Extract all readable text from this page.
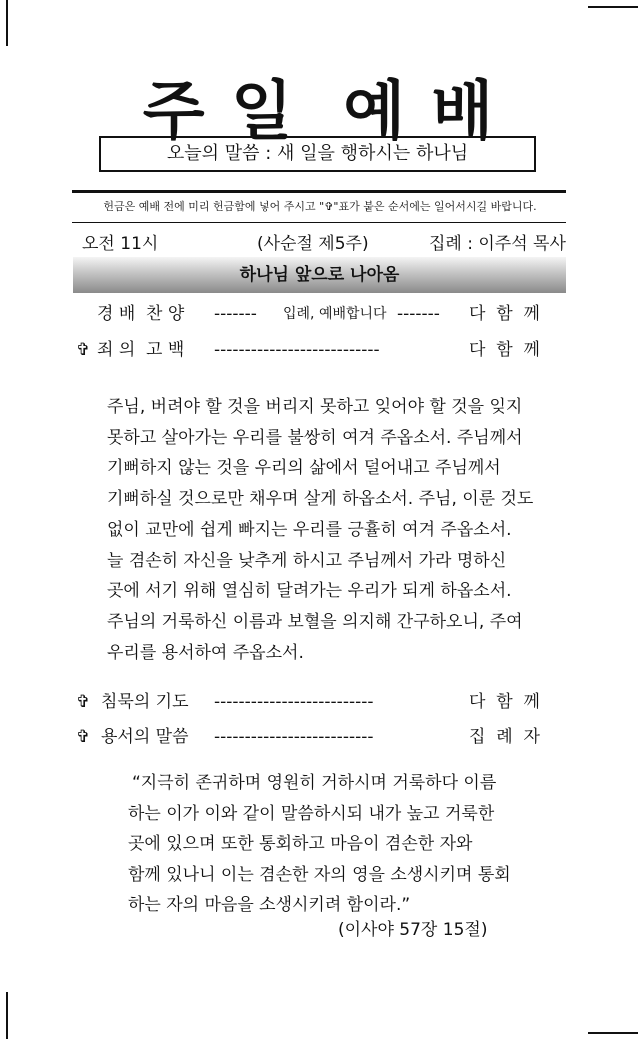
주 일  예 배
오늘의 말씀 : 새 일을 행하시는 하나님
헌금은 예배 전에 미리 헌금함에 넣어 주시고 "✞"표가 붙은 순서에는 일어서시길 바랍니다.
오전 11시	(사순절 제5주)	집례 : 이주석 목사
하나님 앞으로 나아옴
경 배  찬 양 ------- 입례, 예배합니다 ------- 다  함  께
✞ 죄 의  고 백 ---------------------------	다  함  께
주님, 버려야 할 것을 버리지 못하고 잊어야 할 것을 잊지
못하고 살아가는 우리를 불쌍히 여겨 주옵소서. 주님께서
기뻐하지 않는 것을 우리의 삶에서 덜어내고 주님께서
기뻐하실 것으로만 채우며 살게 하옵소서. 주님, 이룬 것도
없이 교만에 쉽게 빠지는 우리를 긍휼히 여겨 주옵소서.
늘 겸손히 자신을 낮추게 하시고 주님께서 가라 명하신
곳에 서기 위해 열심히 달려가는 우리가 되게 하옵소서.
주님의 거룩하신 이름과 보혈을 의지해 간구하오니, 주여
우리를 용서하여 주옵소서.
✞ 침묵의 기도 --------------------------	다  함  께
✞ 용서의 말씀 --------------------------	집  례  자
“지극히 존귀하며 영원히 거하시며 거룩하다 이름
하는 이가 이와 같이 말씀하시되 내가 높고 거룩한
곳에 있으며 또한 통회하고 마음이 겸손한 자와
함께 있나니 이는 겸손한 자의 영을 소생시키며 통회
하는 자의 마음을 소생시키려 함이라.”
(이사야 57장 15절)
